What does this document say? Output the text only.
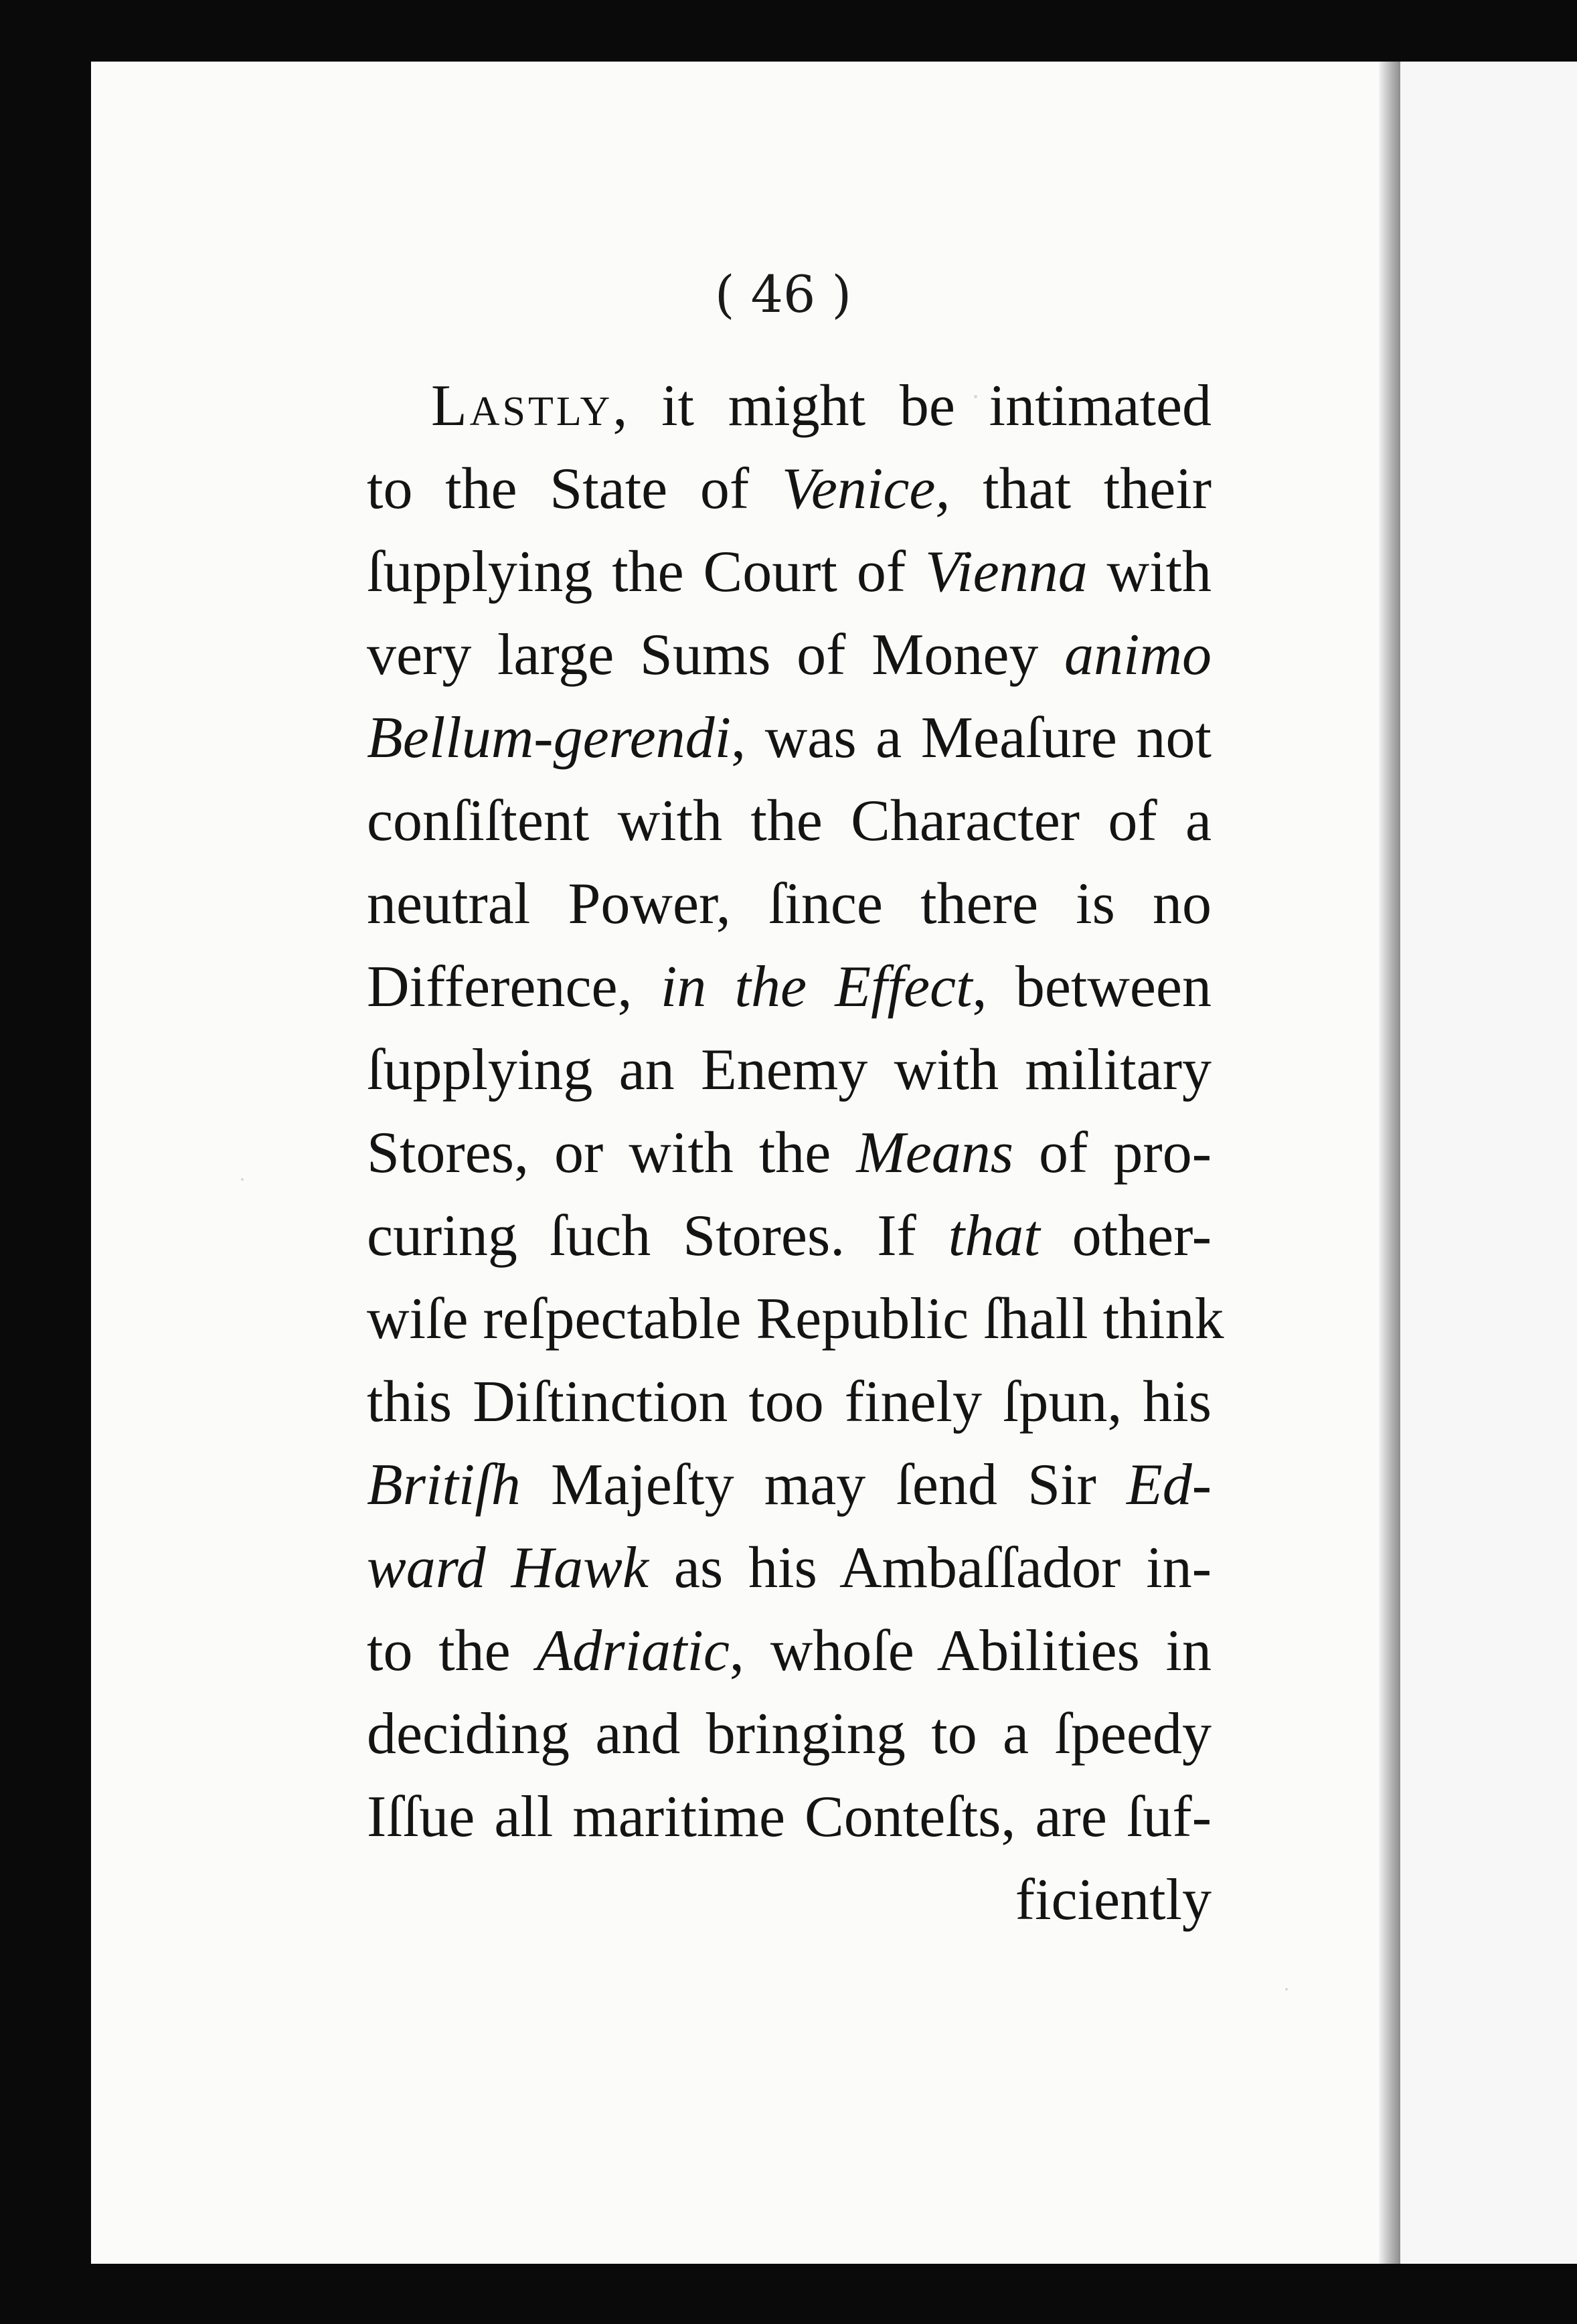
( 46 )
Lastly, it might be intimated
to the State of Venice, that their
ſupplying the Court of Vienna with
very large Sums of Money animo
Bellum-gerendi, was a Meaſure not
conſiſtent with the Character of a
neutral Power, ſince there is no
Difference, in the Effect, between
ſupplying an Enemy with military
Stores, or with the Means of pro-
curing ſuch Stores. If that other-
wiſe reſpectable Republic ſhall think
this Diſtinction too finely ſpun, his
Britiſh Majeſty may ſend Sir Ed-
ward Hawk as his Ambaſſador in-
to the Adriatic, whoſe Abilities in
deciding and bringing to a ſpeedy
Iſſue all maritime Conteſts, are ſuf-
ficiently
